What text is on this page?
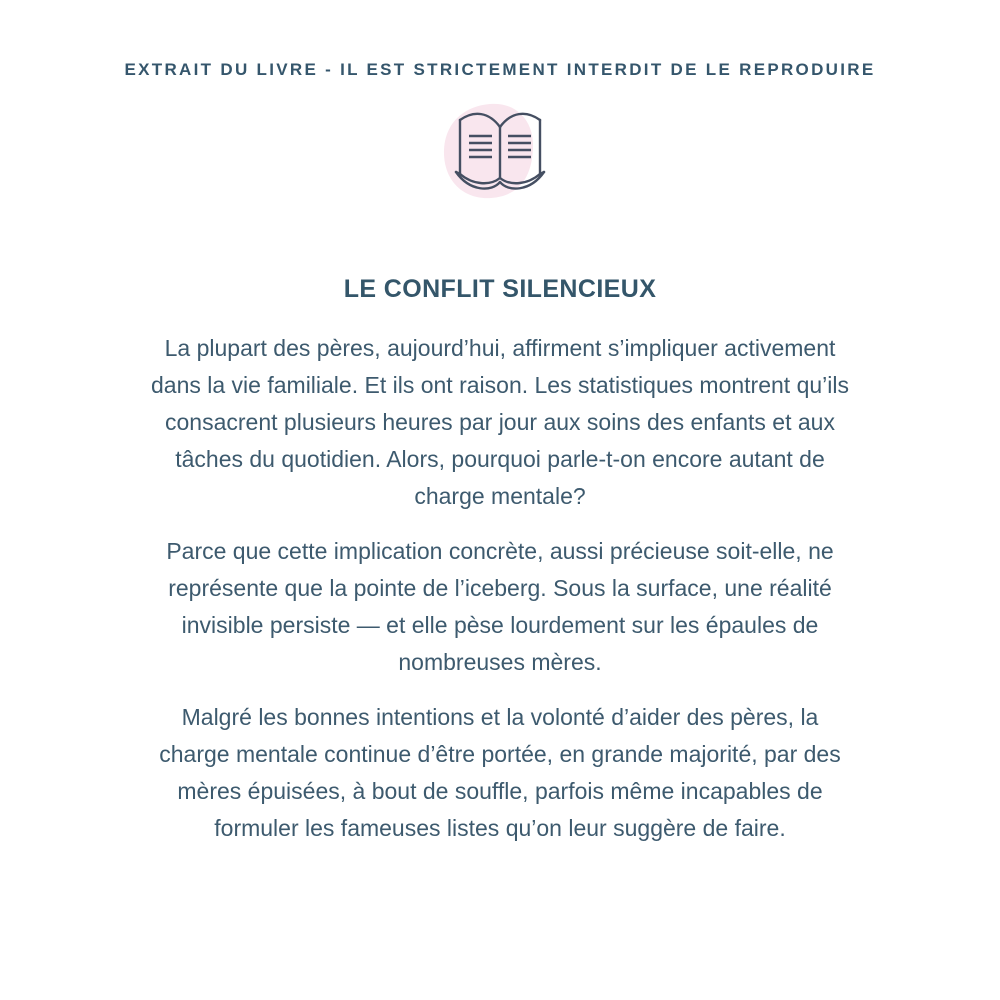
EXTRAIT DU LIVRE - IL EST STRICTEMENT INTERDIT DE LE REPRODUIRE
LE CONFLIT SILENCIEUX
La plupart des pères, aujourd’hui, affirment s’impliquer activement
dans la vie familiale. Et ils ont raison. Les statistiques montrent qu’ils
consacrent plusieurs heures par jour aux soins des enfants et aux
tâches du quotidien. Alors, pourquoi parle-t-on encore autant de
charge mentale?
Parce que cette implication concrète, aussi précieuse soit-elle, ne
représente que la pointe de l’iceberg. Sous la surface, une réalité
invisible persiste — et elle pèse lourdement sur les épaules de
nombreuses mères.
Malgré les bonnes intentions et la volonté d’aider des pères, la
charge mentale continue d’être portée, en grande majorité, par des
mères épuisées, à bout de souffle, parfois même incapables de
formuler les fameuses listes qu’on leur suggère de faire.
